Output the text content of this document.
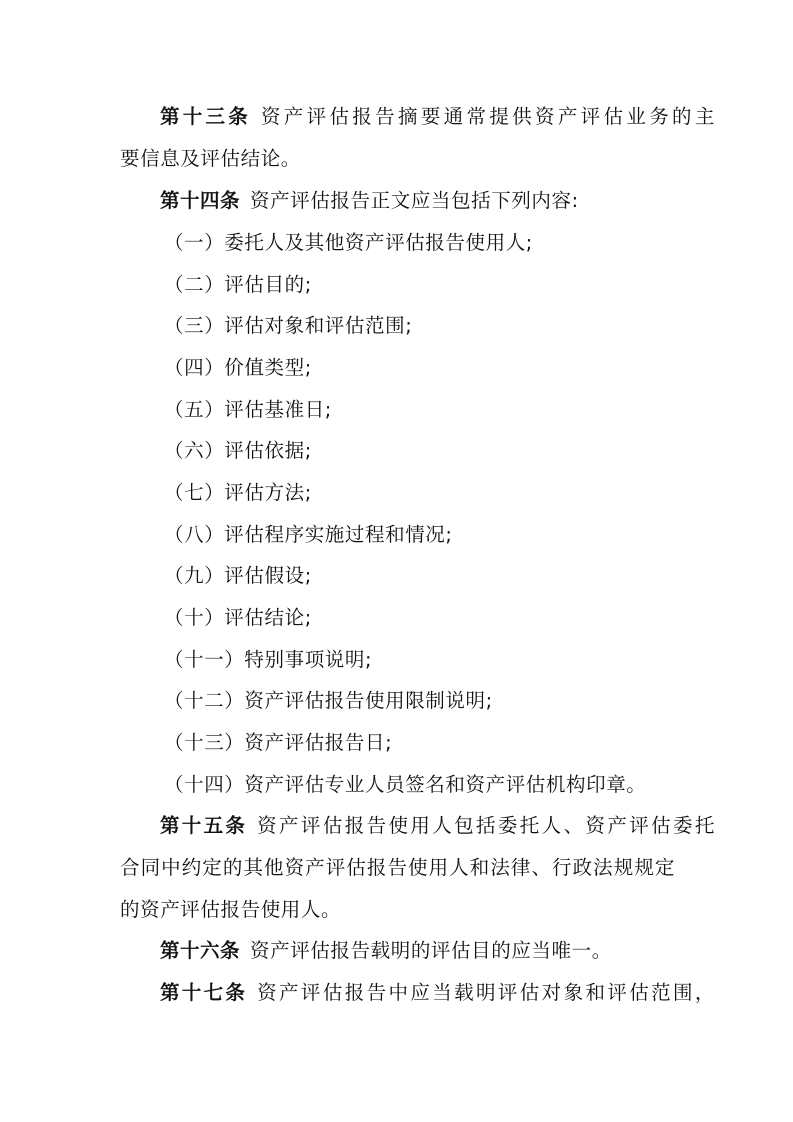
第十三条 资产评估报告摘要通常提供资产评估业务的主
要信息及评估结论。
第十四条 资产评估报告正文应当包括下列内容:
（一）委托人及其他资产评估报告使用人;
（二）评估目的;
（三）评估对象和评估范围;
（四）价值类型;
（五）评估基准日;
（六）评估依据;
（七）评估方法;
（八）评估程序实施过程和情况;
（九）评估假设;
（十）评估结论;
（十一）特别事项说明;
（十二）资产评估报告使用限制说明;
（十三）资产评估报告日;
（十四）资产评估专业人员签名和资产评估机构印章。
第十五条 资产评估报告使用人包括委托人、资产评估委托
合同中约定的其他资产评估报告使用人和法律、行政法规规定
的资产评估报告使用人。
第十六条 资产评估报告载明的评估目的应当唯一。
第十七条 资产评估报告中应当载明评估对象和评估范围，
